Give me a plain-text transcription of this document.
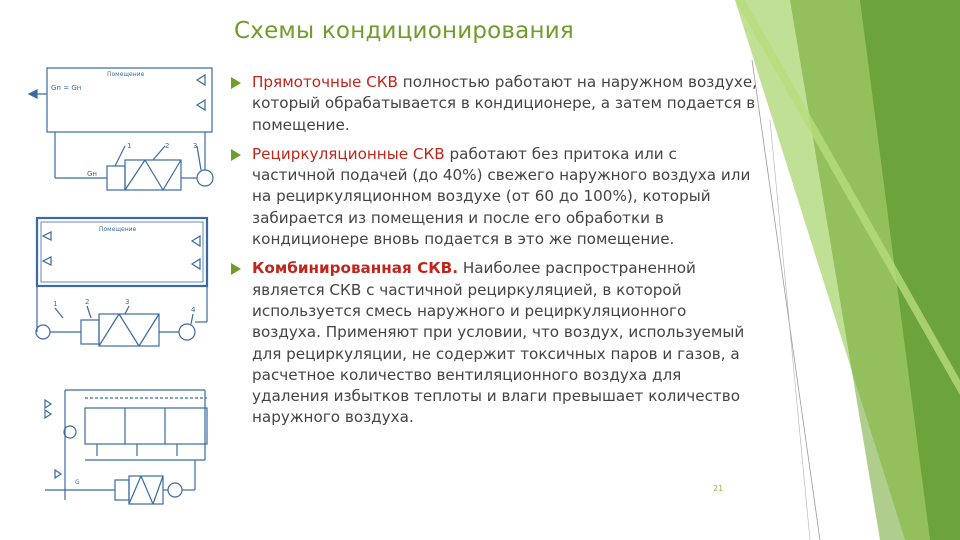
Схемы кондиционирования
Помещение
Gп = Gн
1	2	3
Gн
Помещение
1	2	3
4
G
Прямоточные СКВ полностью работают на наружном воздухе, который обрабатывается в кондиционере, а затем подается в помещение.
Рециркуляционные СКВ работают без притока или с частичной подачей (до 40%) свежего наружного воздуха или на рециркуляционном воздухе (от 60 до 100%), который забирается из помещения и после его обработки в кондиционере вновь подается в это же помещение.
Комбинированная СКВ. Наиболее распространенной является СКВ с частичной рециркуляцией, в которой используется смесь наружного и рециркуляционного воздуха. Применяют при условии, что воздух, используемый для рециркуляции, не содержит токсичных паров и газов, а расчетное количество вентиляционного воздуха для удаления избытков теплоты и влаги превышает количество наружного воздуха.
21
